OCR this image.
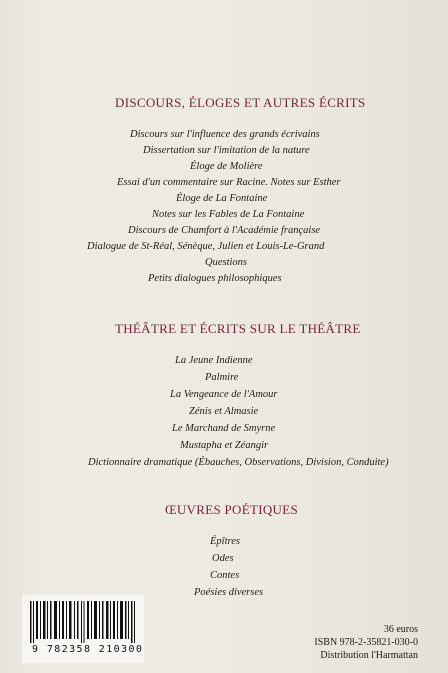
DISCOURS, ÉLOGES ET AUTRES ÉCRITS
Discours sur l'influence des grands écrivains
Dissertation sur l'imitation de la nature
Éloge de Molière
Essai d'un commentaire sur Racine. Notes sur Esther
Éloge de La Fontaine
Notes sur les Fables de La Fontaine
Discours de Chamfort à l'Académie française
Dialogue de St-Réal, Sénèque, Julien et Louis-Le-Grand
Questions
Petits dialogues philosophiques
THÉÂTRE ET ÉCRITS SUR LE THÉÂTRE
La Jeune Indienne
Palmire
La Vengeance de l'Amour
Zénis et Almasie
Le Marchand de Smyrne
Mustapha et Zéangir
Dictionnaire dramatique (Ébauches, Observations, Division, Conduite)
ŒUVRES POÉTIQUES
Épîtres
Odes
Contes
Poésies diverses
9 782358 210300
36 euros
ISBN 978-2-35821-030-0
Distribution l'Harmattan
